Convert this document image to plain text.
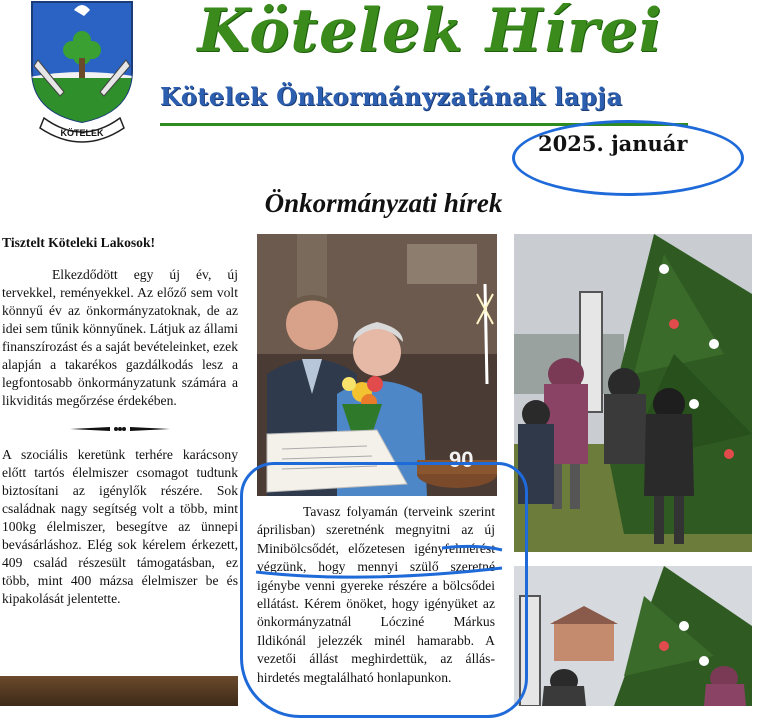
KÖTELEK
Kötelek Hírei
Kötelek Önkormányzatának lapja
2025. január
Önkormányzati hírek

Tisztelt Köteleki Lakosok!

Elkezdődött egy új év, új tervekkel, reményekkel. Az előző sem volt könnyű év az önkormányzatoknak, de az idei sem tűnik könnyűnek. Látjuk az állami finanszírozást és a saját bevételeinket, ezek alapján a takarékos gazdálkodás lesz a legfontosabb önkormányzatunk számára a likviditás megőrzése érdekében.

A szociális keretünk terhére karácsony előtt tartós élelmiszer csomagot tudtunk biztosítani az igénylők részére. Sok családnak nagy segítség volt a több, mint 100kg élelmiszer, besegítve az ünnepi bevásárláshoz. Elég sok kérelem érkezett, 409 család részesült támogatásban, ez több, mint 400 mázsa élelmiszer be és kipakolását jelentette.

90

Tavasz folyamán (terveink szerint áprilisban) szeretnénk megnyitni az új Minibölcsődét, előzetesen igényfelmérést végzünk, hogy mennyi szülő szeretné igénybe venni gyereke részére a bölcsődei ellátást. Kérem önöket, hogy igényüket az önkormányzatnál Lócziné Márkus Ildikónál jelezzék minél hamarabb. A vezetői állást meghirdettük, az állás-hirdetés megtalálható honlapunkon.
